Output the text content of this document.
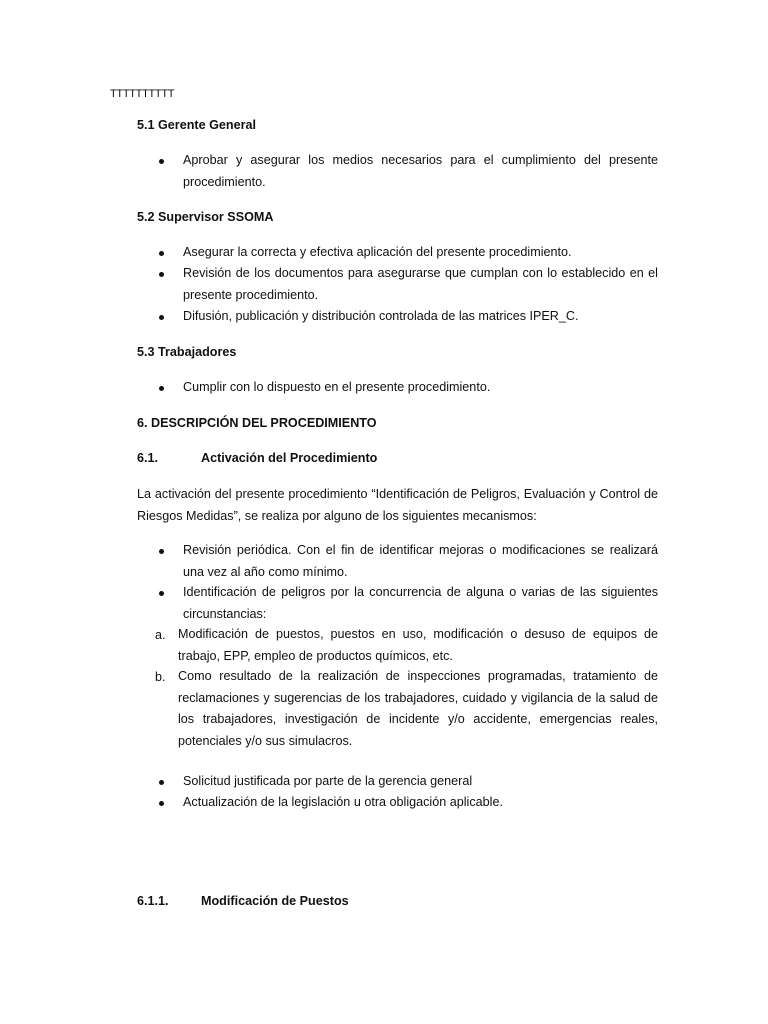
TTTTTTTTTT
5.1 Gerente General
Aprobar y asegurar los medios necesarios para el cumplimiento del presente procedimiento.
5.2 Supervisor SSOMA
Asegurar la correcta y efectiva aplicación del presente procedimiento.
Revisión de los documentos para asegurarse que cumplan con lo establecido en el presente procedimiento.
Difusión, publicación y distribución controlada de las matrices IPER_C.
5.3 Trabajadores
Cumplir con lo dispuesto en el presente procedimiento.
6. DESCRIPCIÓN DEL PROCEDIMIENTO
6.1.	Activación del Procedimiento
La activación del presente procedimiento “Identificación de Peligros, Evaluación y Control de Riesgos Medidas”, se realiza por alguno de los siguientes mecanismos:
Revisión periódica. Con el fin de identificar mejoras o modificaciones se realizará una vez al año como mínimo.
Identificación de peligros por la concurrencia de alguna o varias de las siguientes circunstancias:
a. Modificación de puestos, puestos en uso, modificación o desuso de equipos de trabajo, EPP, empleo de productos químicos, etc.
b. Como resultado de la realización de inspecciones programadas, tratamiento de reclamaciones y sugerencias de los trabajadores, cuidado y vigilancia de la salud de los trabajadores, investigación de incidente y/o accidente, emergencias reales, potenciales y/o sus simulacros.
Solicitud justificada por parte de la gerencia general
Actualización de la legislación u otra obligación aplicable.
6.1.1.	Modificación de Puestos
